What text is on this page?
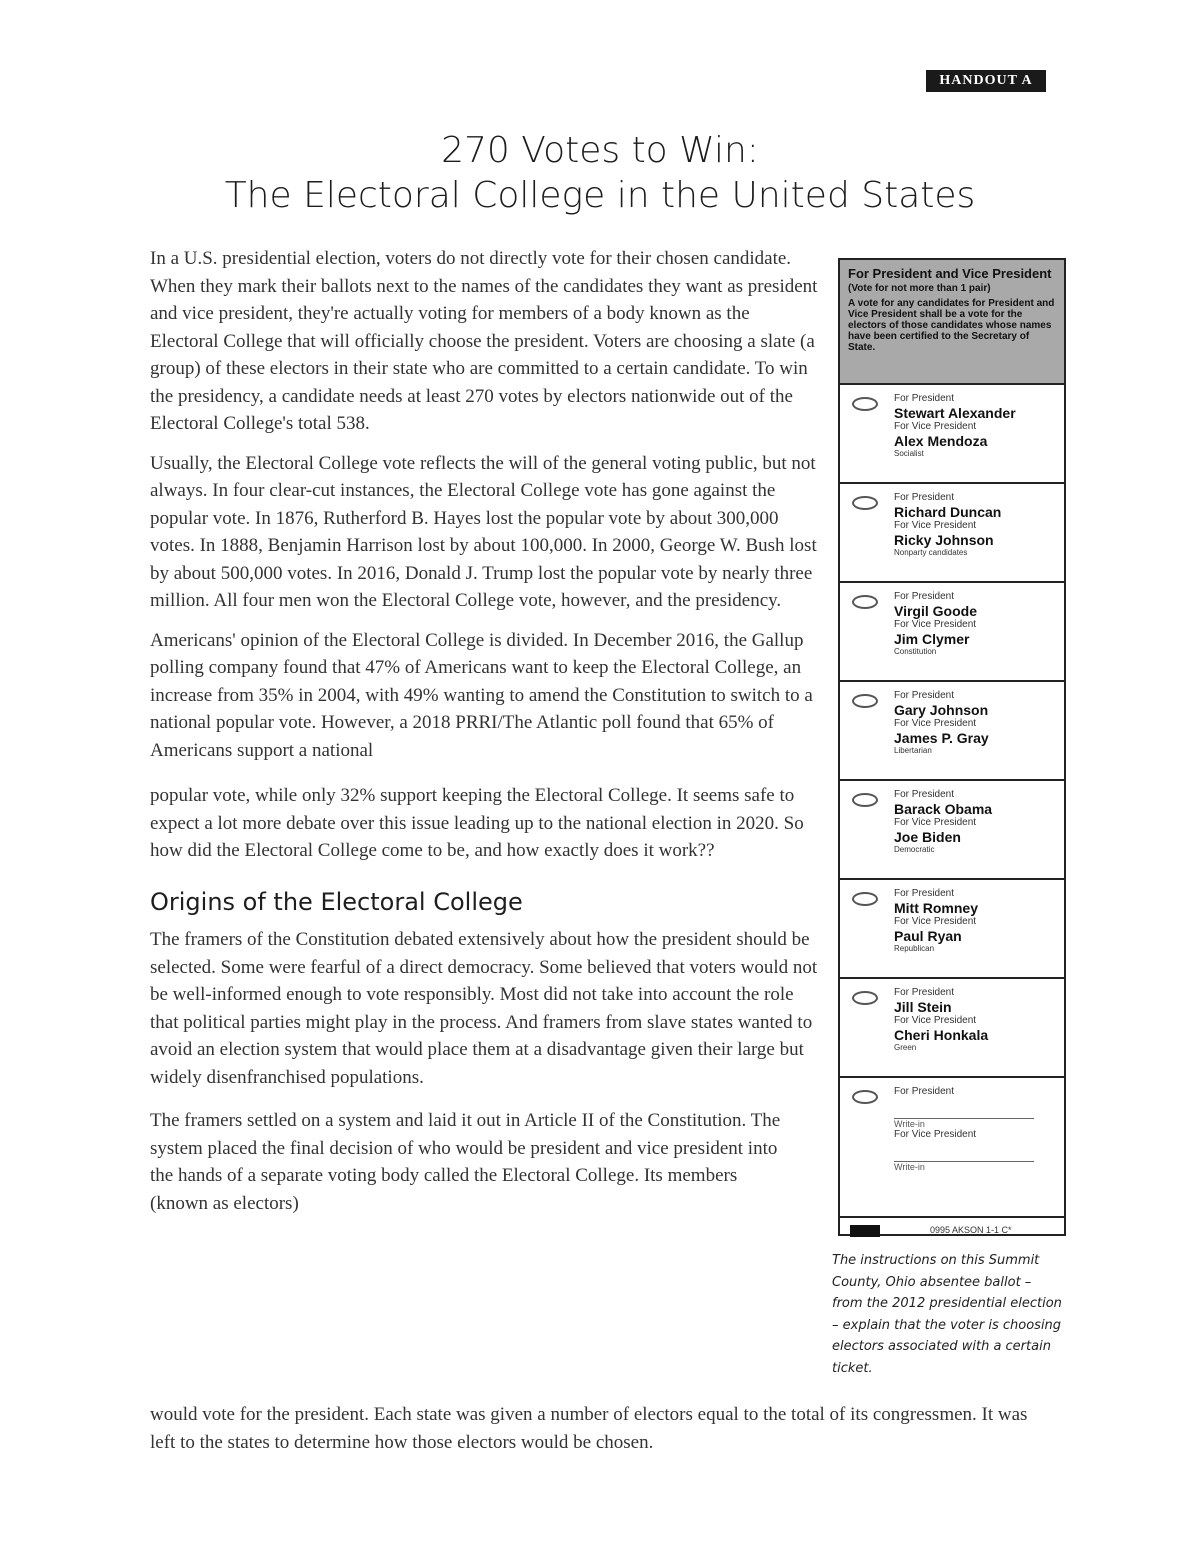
HANDOUT A
270 Votes to Win:
The Electoral College in the United States

In a U.S. presidential election, voters do not directly vote for their chosen candidate. When they mark their ballots next to the names of the candidates they want as president and vice president, they're actually voting for members of a body known as the Electoral College that will officially choose the president. Voters are choosing a slate (a group) of these electors in their state who are committed to a certain candidate. To win the presidency, a candidate needs at least 270 votes by electors nationwide out of the Electoral College's total 538.

Usually, the Electoral College vote reflects the will of the general voting public, but not always. In four clear-cut instances, the Electoral College vote has gone against the popular vote. In 1876, Rutherford B. Hayes lost the popular vote by about 300,000 votes. In 1888, Benjamin Harrison lost by about 100,000. In 2000, George W. Bush lost by about 500,000 votes. In 2016, Donald J. Trump lost the popular vote by nearly three million. All four men won the Electoral College vote, however, and the presidency.

Americans' opinion of the Electoral College is divided. In December 2016, the Gallup polling company found that 47% of Americans want to keep the Electoral College, an increase from 35% in 2004, with 49% wanting to amend the Constitution to switch to a national popular vote. However, a 2018 PRRI/The Atlantic poll found that 65% of Americans support a national

popular vote, while only 32% support keeping the Electoral College. It seems safe to expect a lot more debate over this issue leading up to the national election in 2020. So how did the Electoral College come to be, and how exactly does it work??

Origins of the Electoral College

The framers of the Constitution debated extensively about how the president should be selected. Some were fearful of a direct democracy. Some believed that voters would not be well-informed enough to vote responsibly. Most did not take into account the role that political parties might play in the process. And framers from slave states wanted to avoid an election system that would place them at a disadvantage given their large but widely disenfranchised populations.

The framers settled on a system and laid it out in Article II of the Constitution. The system placed the final decision of who would be president and vice president into the hands of a separate voting body called the Electoral College. Its members (known as electors)

would vote for the president. Each state was given a number of electors equal to the total of its congressmen. It was left to the states to determine how those electors would be chosen.
For President and Vice President
(Vote for not more than 1 pair)
A vote for any candidates for President and Vice President shall be a vote for the electors of those candidates whose names have been certified to the Secretary of State.
For President
Stewart Alexander
For Vice President
Alex Mendoza
Socialist
For President
Richard Duncan
For Vice President
Ricky Johnson
Nonparty candidates
For President
Virgil Goode
For Vice President
Jim Clymer
Constitution
For President
Gary Johnson
For Vice President
James P. Gray
Libertarian
For President
Barack Obama
For Vice President
Joe Biden
Democratic
For President
Mitt Romney
For Vice President
Paul Ryan
Republican
For President
Jill Stein
For Vice President
Cheri Honkala
Green
For President
Write-in
For Vice President
Write-in
0995 AKSON 1-1 C*
The instructions on this Summit County, Ohio absentee ballot – from the 2012 presidential election – explain that the voter is choosing electors associated with a certain ticket.
